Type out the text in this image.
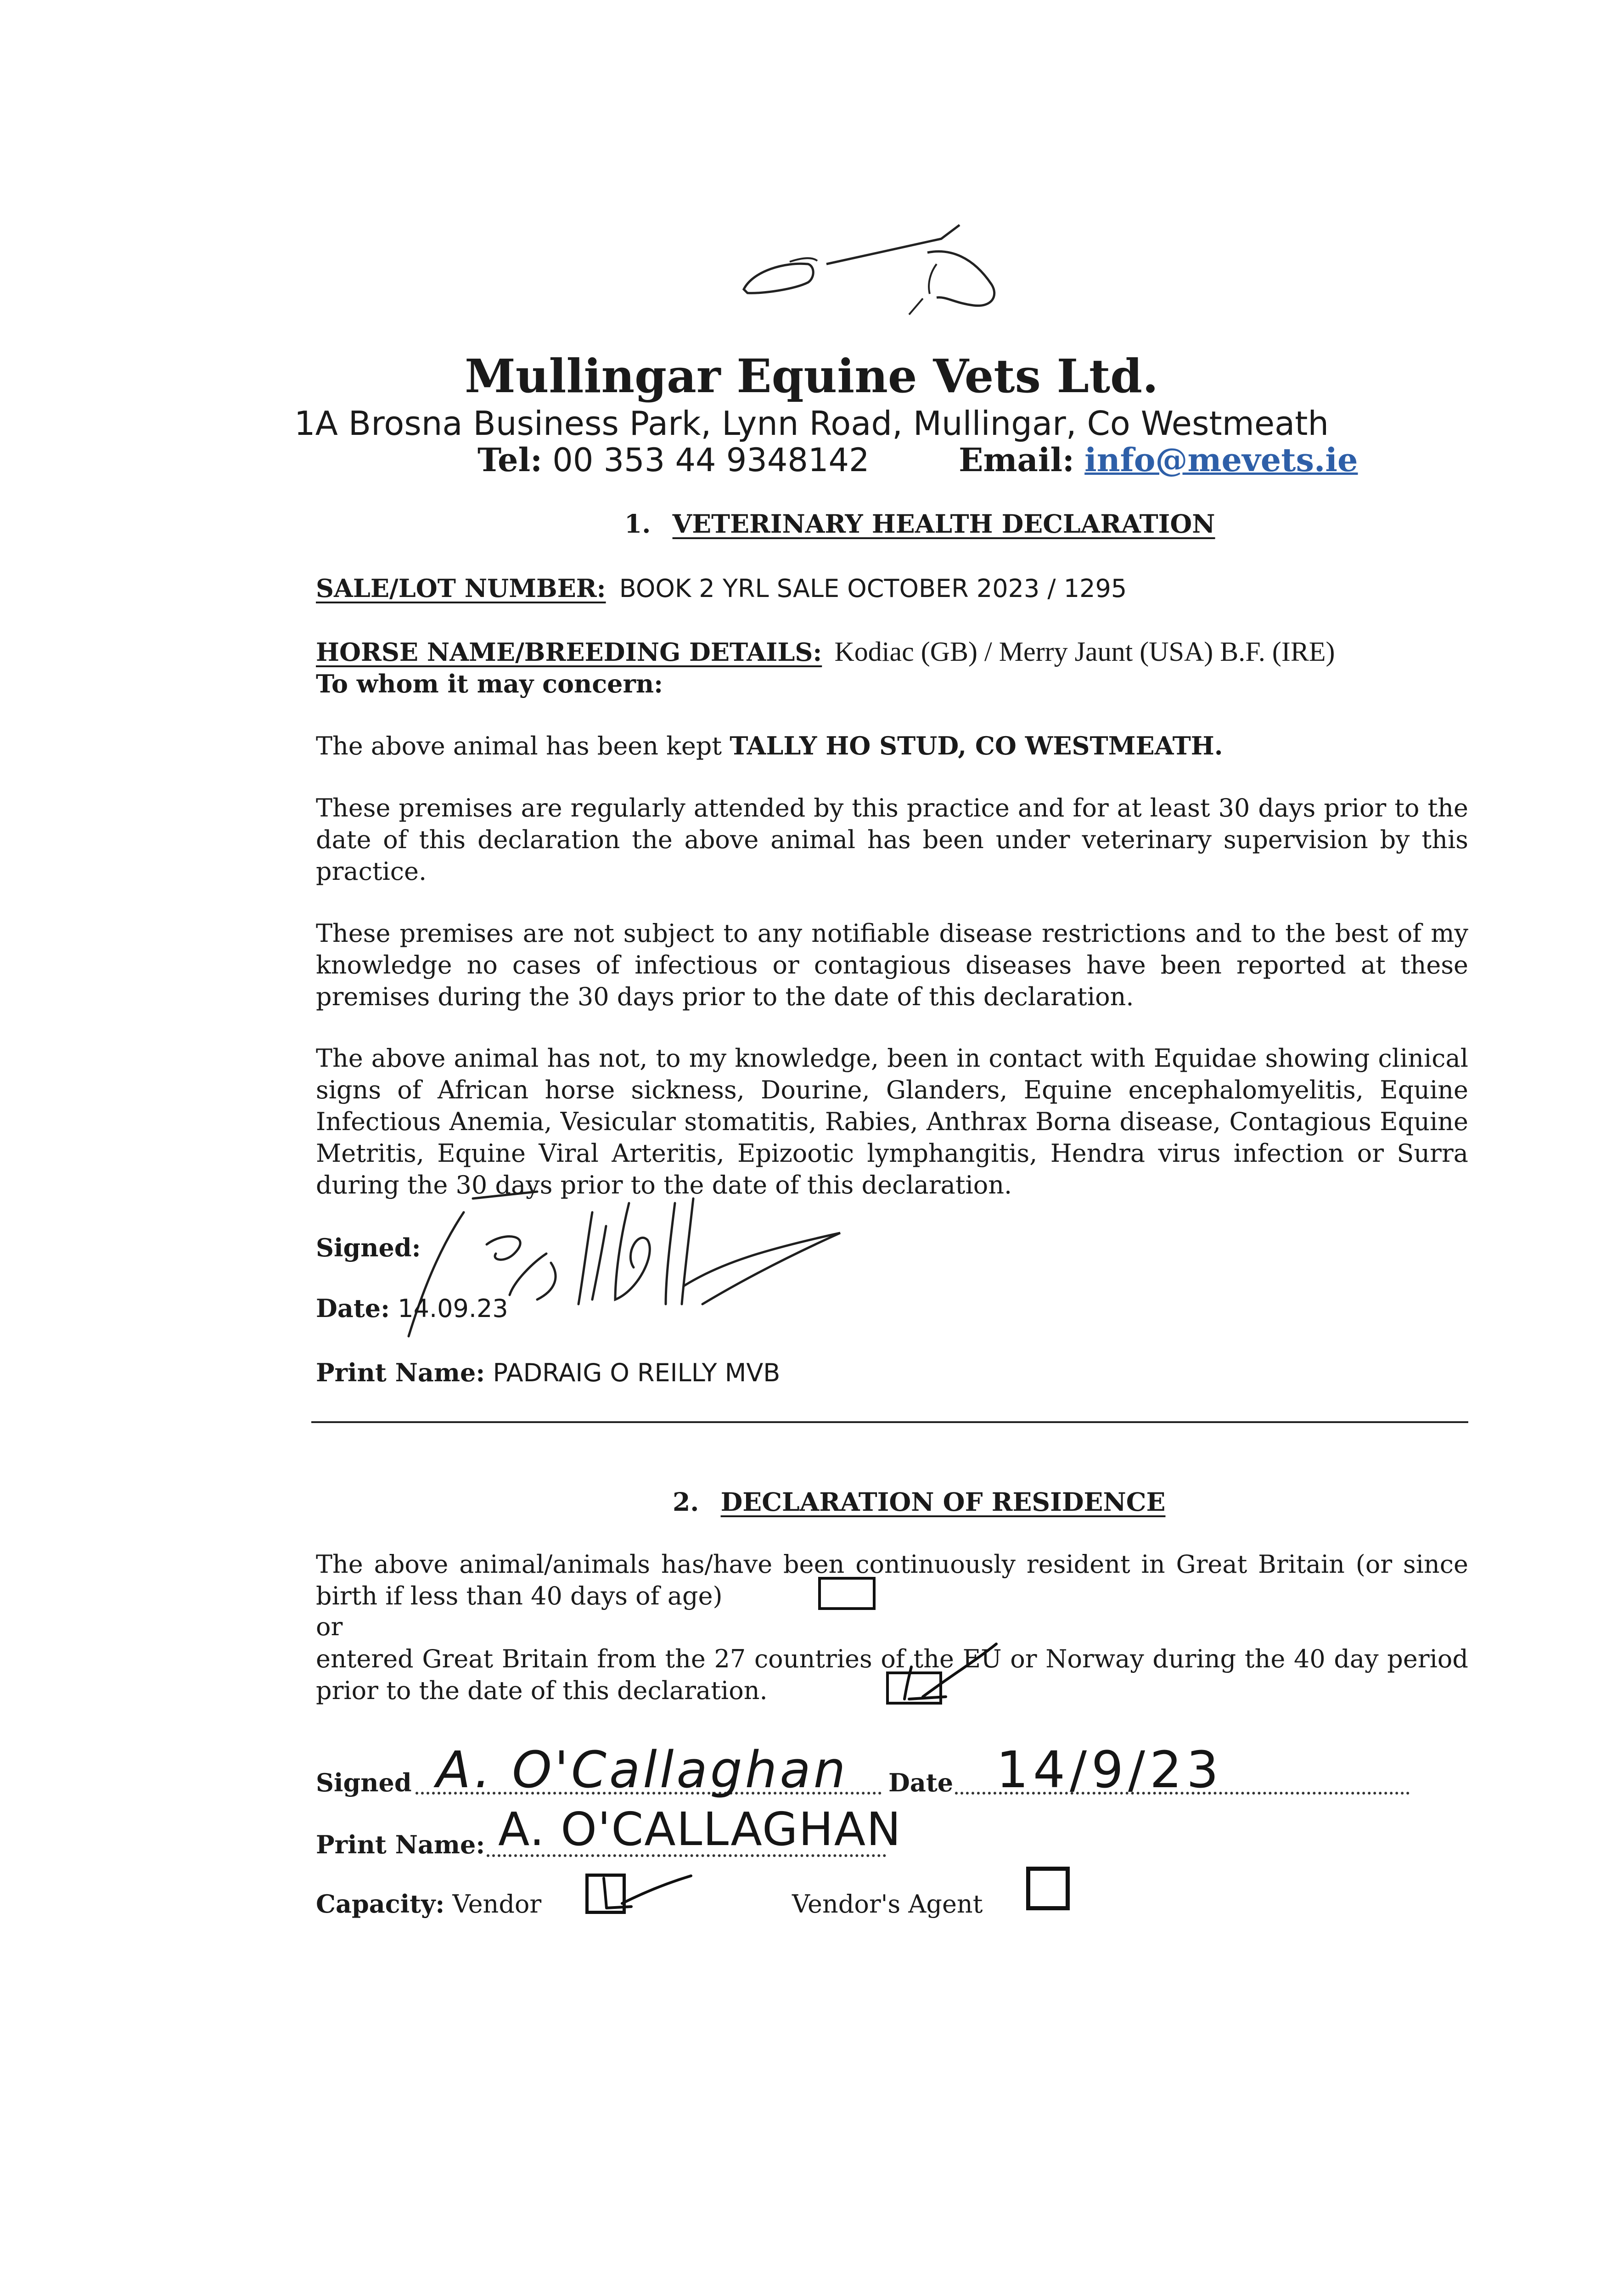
Mullingar Equine Vets Ltd.
1A Brosna Business Park, Lynn Road, Mullingar, Co Westmeath
Tel: 00 353 44 9348142	Email: info@mevets.ie
1. VETERINARY HEALTH DECLARATION
SALE/LOT NUMBER: BOOK 2 YRL SALE OCTOBER 2023 / 1295
HORSE NAME/BREEDING DETAILS: Kodiac (GB) / Merry Jaunt (USA) B.F. (IRE)
To whom it may concern:
The above animal has been kept TALLY HO STUD, CO WESTMEATH.
These premises are regularly attended by this practice and for at least 30 days prior to the date of this declaration the above animal has been under veterinary supervision by this practice.
These premises are not subject to any notifiable disease restrictions and to the best of my knowledge no cases of infectious or contagious diseases have been reported at these premises during the 30 days prior to the date of this declaration.
The above animal has not, to my knowledge, been in contact with Equidae showing clinical signs of African horse sickness, Dourine, Glanders, Equine encephalomyelitis, Equine Infectious Anemia, Vesicular stomatitis, Rabies, Anthrax Borna disease, Contagious Equine Metritis, Equine Viral Arteritis, Epizootic lymphangitis, Hendra virus infection or Surra during the 30 days prior to the date of this declaration.
Signed:
Date: 14.09.23
Print Name: PADRAIG O REILLY MVB
2. DECLARATION OF RESIDENCE
The above animal/animals has/have been continuously resident in Great Britain (or since birth if less than 40 days of age)
or
entered Great Britain from the 27 countries of the EU or Norway during the 40 day period prior to the date of this declaration.
Signed A. O'Callaghan Date 14/9/23
Print Name: A. O'CALLAGHAN
Capacity: Vendor	Vendor's Agent
